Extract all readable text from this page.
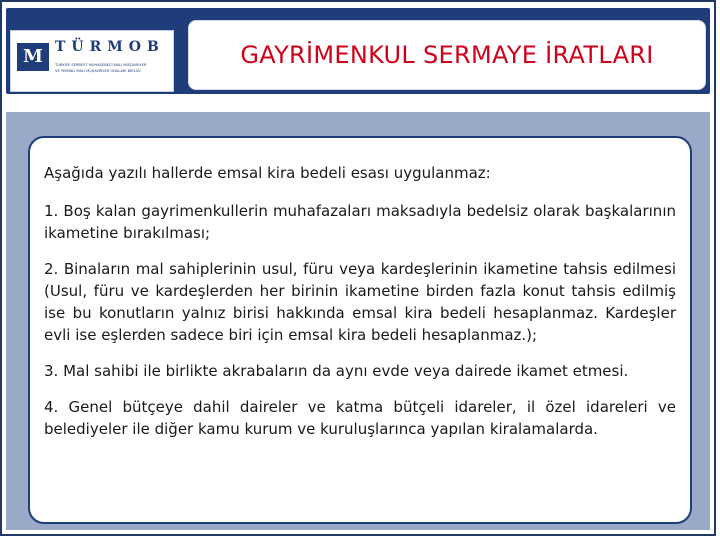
M TÜRMOB
TÜRKİYE SERBEST MUHASEBECİ MALİ MÜŞAVİRLER
VE YEMİNLİ MALİ MÜŞAVİRLER ODALARI BİRLİĞİ
GAYRİMENKUL SERMAYE İRATLARI

Aşağıda yazılı hallerde emsal kira bedeli esası uygulanmaz:

1. Boş kalan gayrimenkullerin muhafazaları maksadıyla bedelsiz olarak başkalarının ikametine bırakılması;

2. Binaların mal sahiplerinin usul, füru veya kardeşlerinin ikametine tahsis edilmesi (Usul, füru ve kardeşlerden her birinin ikametine birden fazla konut tahsis edilmiş ise bu konutların yalnız birisi hakkında emsal kira bedeli hesaplanmaz. Kardeşler evli ise eşlerden sadece biri için emsal kira bedeli hesaplanmaz.);

3. Mal sahibi ile birlikte akrabaların da aynı evde veya dairede ikamet etmesi.

4. Genel bütçeye dahil daireler ve katma bütçeli idareler, il özel idareleri ve belediyeler ile diğer kamu kurum ve kuruluşlarınca yapılan kiralamalarda.
